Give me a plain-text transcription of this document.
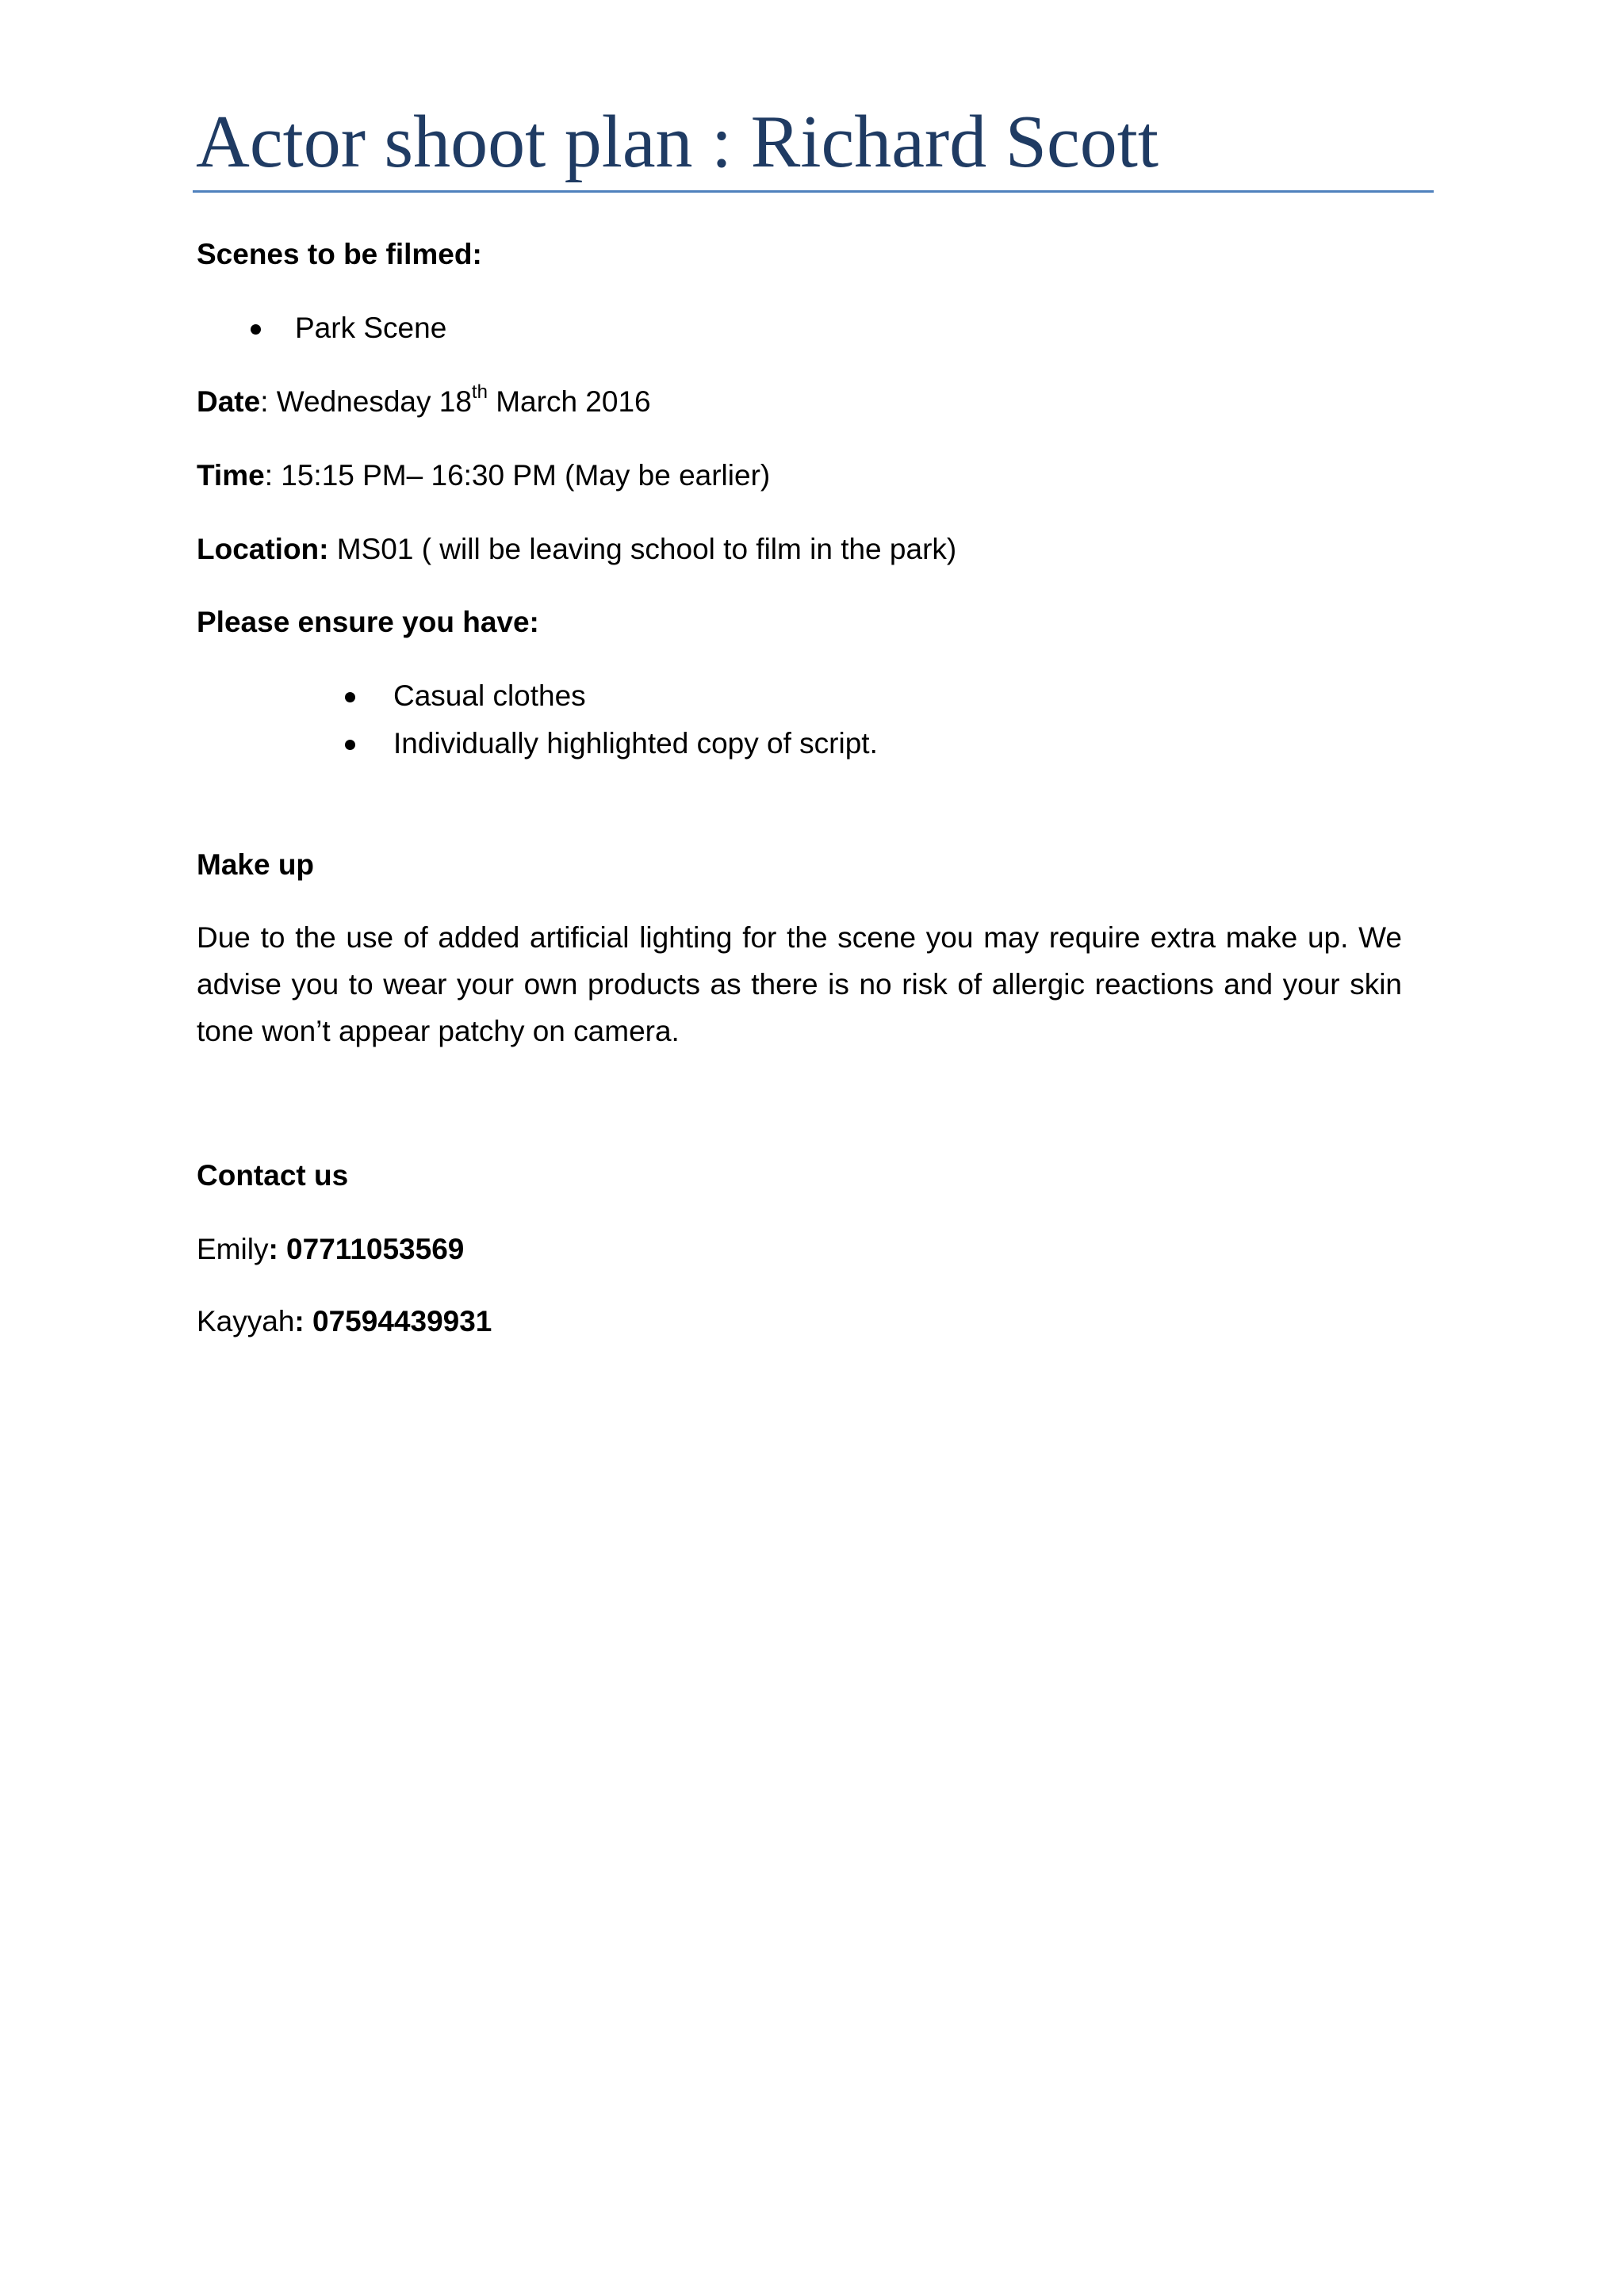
Actor shoot plan : Richard Scott

Scenes to be filmed:

Park Scene

Date: Wednesday 18th March 2016

Time: 15:15 PM– 16:30 PM (May be earlier)

Location: MS01 ( will be leaving school to film in the park)

Please ensure you have:

Casual clothes

Individually highlighted copy of script.

Make up

Due to the use of added artificial lighting for the scene you may require extra make up. We advise you to wear your own products as there is no risk of allergic reactions and your skin tone won’t appear patchy on camera.

Contact us

Emily: 07711053569

Kayyah: 07594439931
